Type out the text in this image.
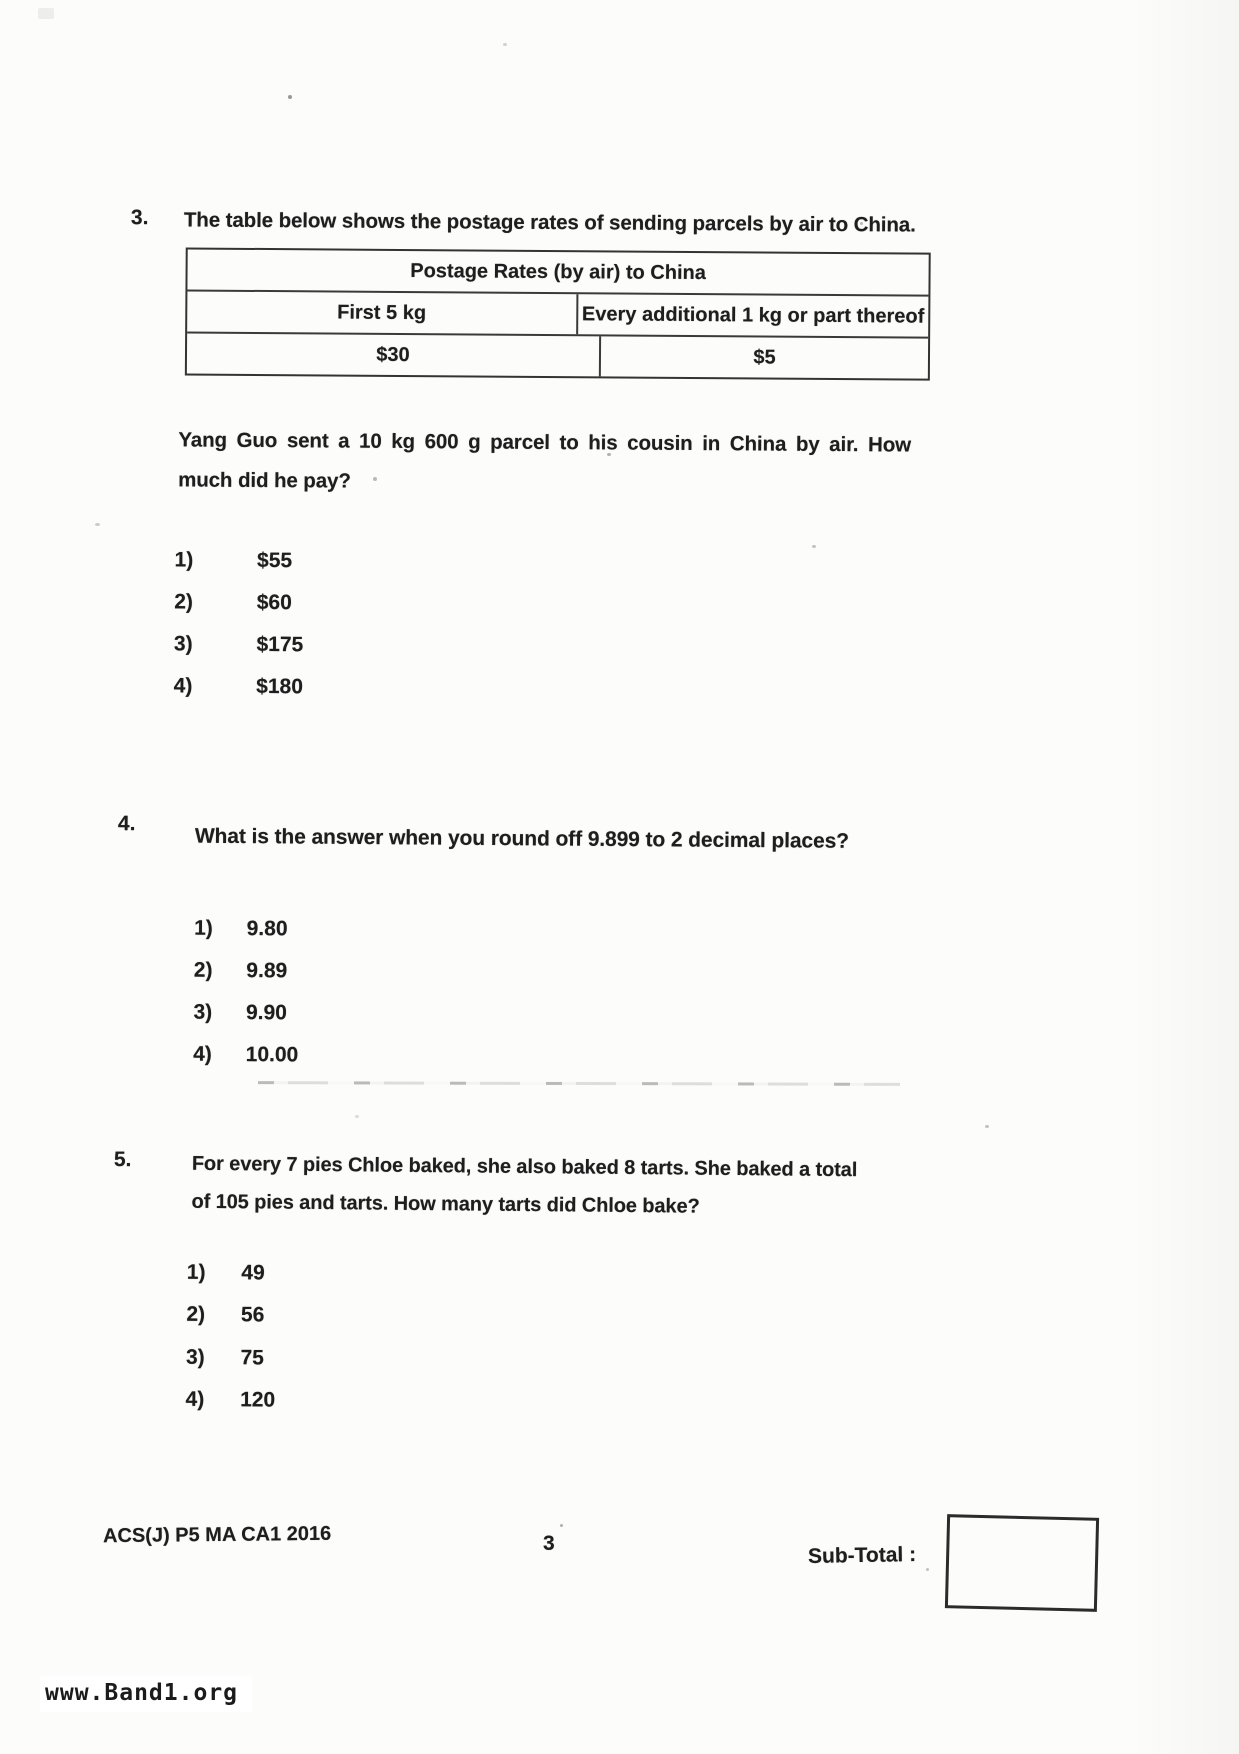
3. The table below shows the postage rates of sending parcels by air to China.
Postage Rates (by air) to China
First 5 kg	Every additional 1 kg or part thereof
$30	$5
Yang Guo sent a 10 kg 600 g parcel to his cousin in China by air. How
much did he pay?
1)	$55
2)	$60
3)	$175
4)	$180
4.
What is the answer when you round off 9.899 to 2 decimal places?
1) 9.80
2) 9.89
3) 9.90
4) 10.00
5.	For every 7 pies Chloe baked, she also baked 8 tarts. She baked a total
of 105 pies and tarts. How many tarts did Chloe bake?
1) 49
2) 56
3) 75
4) 120
ACS(J) P5 MA CA1 2016	3	Sub-Total :
www.Band1.org
